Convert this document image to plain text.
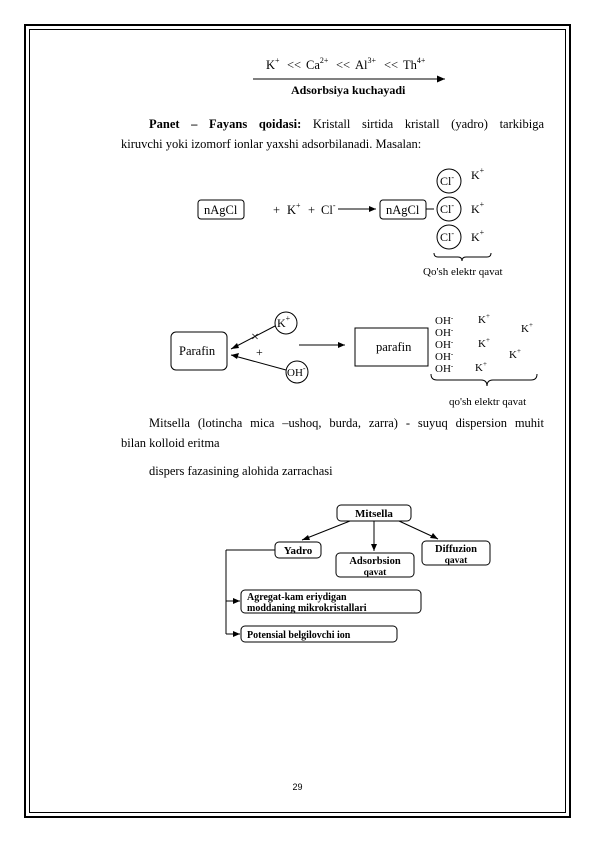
$K^+ << Ca^{2+} << Al^{3+} << Th^{4+}$
Adsorbsiya kuchayadi
Panet – Fayans qoidasi: Kristall sirtida kristall (yadro) tarkibiga
kiruvchi yoki izomorf ionlar yaxshi adsorbilanadi. Masalan:
nAgCl	+ K+ + Cl-	nAgCl
Cl-
Cl-
Cl-
K+
K+
K+
Qo'sh elektr qavat
Parafin
K+
OH-
×
+	parafin
OH-
OH-
OH-
OH-
OH-
K+
K+
K+
K+
K+
qo'sh elektr qavat
Mitsella (lotincha mica –ushoq, burda, zarra) - suyuq dispersion muhit
bilan kolloid eritma
dispers fazasining alohida zarrachasi
Mitsella
Yadro
Adsorbsion
qavat
Diffuzion
qavat
Agregat-kam eriydigan
moddaning mikrokristallari
Potensial belgilovchi ion
29
